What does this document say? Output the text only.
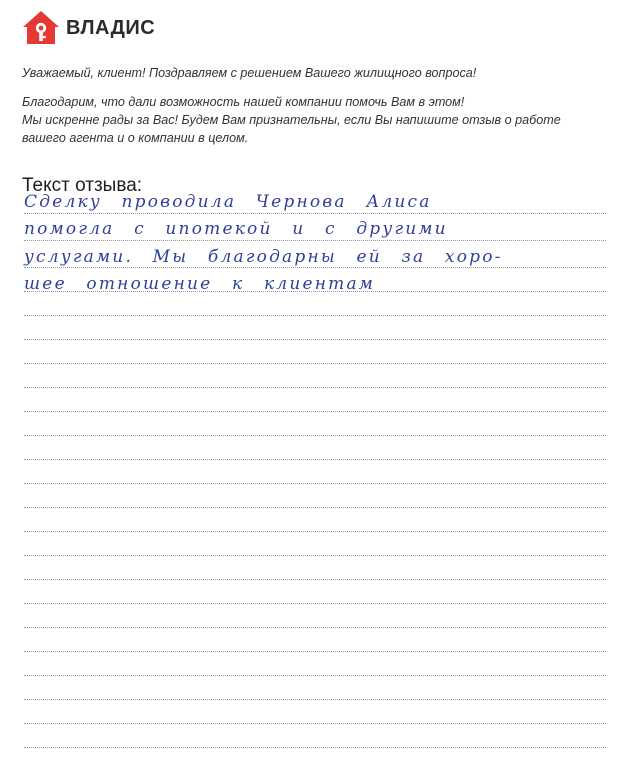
ВЛАДИС

Уважаемый, клиент! Поздравляем с решением Вашего жилищного вопроса!

Благодарим, что дали возможность нашей компании помочь Вам в этом!

Мы искренне рады за Вас! Будем Вам признательны, если Вы напишите отзыв о работе

вашего агента и о компании в целом.

Текст отзыва:
Сделку проводила Чернова Алиса
помогла с ипотекой и с другими
услугами. Мы благодарны ей за хоро-
шее отношение к клиентам
